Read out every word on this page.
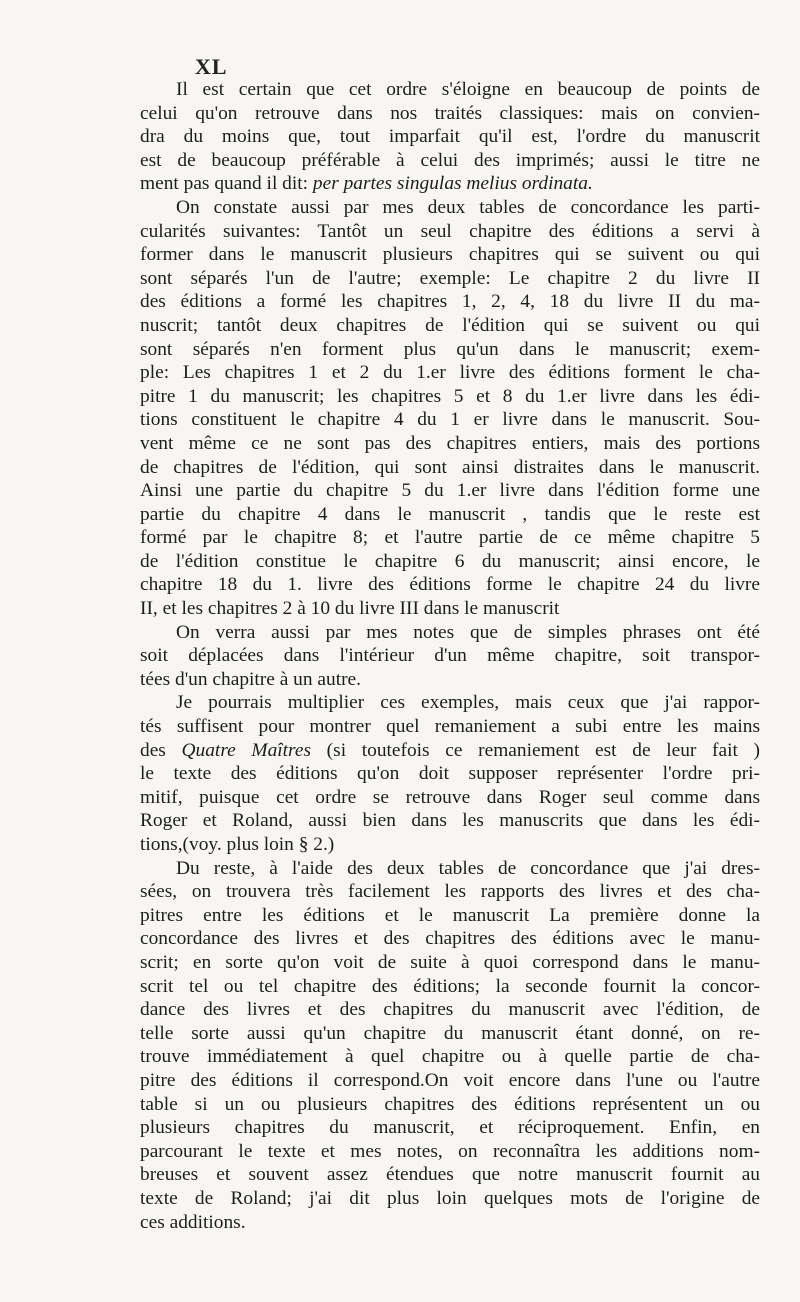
XL
Il est certain que cet ordre s'éloigne en beaucoup de points de
celui qu'on retrouve dans nos traités classiques: mais on convien-
dra du moins que, tout imparfait qu'il est, l'ordre du manuscrit
est de beaucoup préférable à celui des imprimés; aussi le titre ne
ment pas quand il dit: per partes singulas melius ordinata.
On constate aussi par mes deux tables de concordance les parti-
cularités suivantes: Tantôt un seul chapitre des éditions a servi à
former dans le manuscrit plusieurs chapitres qui se suivent ou qui
sont séparés l'un de l'autre; exemple: Le chapitre 2 du livre II
des éditions a formé les chapitres 1, 2, 4, 18 du livre II du ma-
nuscrit; tantôt deux chapitres de l'édition qui se suivent ou qui
sont séparés n'en forment plus qu'un dans le manuscrit; exem-
ple: Les chapitres 1 et 2 du 1.er livre des éditions forment le cha-
pitre 1 du manuscrit; les chapitres 5 et 8 du 1.er livre dans les édi-
tions constituent le chapitre 4 du 1 er livre dans le manuscrit. Sou-
vent même ce ne sont pas des chapitres entiers, mais des portions
de chapitres de l'édition, qui sont ainsi distraites dans le manuscrit.
Ainsi une partie du chapitre 5 du 1.er livre dans l'édition forme une
partie du chapitre 4 dans le manuscrit , tandis que le reste est
formé par le chapitre 8; et l'autre partie de ce même chapitre 5
de l'édition constitue le chapitre 6 du manuscrit; ainsi encore, le
chapitre 18 du 1. livre des éditions forme le chapitre 24 du livre
II, et les chapitres 2 à 10 du livre III dans le manuscrit
On verra aussi par mes notes que de simples phrases ont été
soit déplacées dans l'intérieur d'un même chapitre, soit transpor-
tées d'un chapitre à un autre.
Je pourrais multiplier ces exemples, mais ceux que j'ai rappor-
tés suffisent pour montrer quel remaniement a subi entre les mains
des Quatre Maîtres (si toutefois ce remaniement est de leur fait )
le texte des éditions qu'on doit supposer représenter l'ordre pri-
mitif, puisque cet ordre se retrouve dans Roger seul comme dans
Roger et Roland, aussi bien dans les manuscrits que dans les édi-
tions,(voy. plus loin § 2.)
Du reste, à l'aide des deux tables de concordance que j'ai dres-
sées, on trouvera très facilement les rapports des livres et des cha-
pitres entre les éditions et le manuscrit La première donne la
concordance des livres et des chapitres des éditions avec le manu-
scrit; en sorte qu'on voit de suite à quoi correspond dans le manu-
scrit tel ou tel chapitre des éditions; la seconde fournit la concor-
dance des livres et des chapitres du manuscrit avec l'édition, de
telle sorte aussi qu'un chapitre du manuscrit étant donné, on re-
trouve immédiatement à quel chapitre ou à quelle partie de cha-
pitre des éditions il correspond.On voit encore dans l'une ou l'autre
table si un ou plusieurs chapitres des éditions représentent un ou
plusieurs chapitres du manuscrit, et réciproquement. Enfin, en
parcourant le texte et mes notes, on reconnaîtra les additions nom-
breuses et souvent assez étendues que notre manuscrit fournit au
texte de Roland; j'ai dit plus loin quelques mots de l'origine de
ces additions.
